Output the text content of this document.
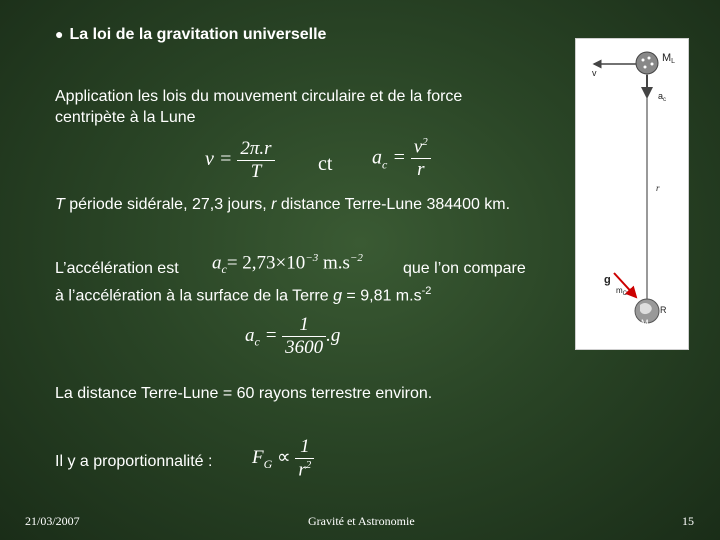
● La loi de la gravitation universelle
Application les lois du mouvement circulaire et de la force
centripète à la Lune
$v = \frac{2\pi.r}{T}$ ct $a_c = \frac{v^2}{r}$
T période sidérale, 27,3 jours, r distance Terre-Lune 384400 km.
L’accélération est $a_c= 2,73\times 10^{-3}$ $m.s^{-2}$
que l’on compare
à l’accélération à la surface de la Terre g = 9,81 $m.s^{-2}$
$a_c = \frac{1}{3600} .g$
La distance Terre-Lune = 60 rayons terrestre environ.
Il y a proportionnalité : $F_G \propto \frac{1}{r^2}$
ML
v
$a_c$
r
g
$m_C$
$M_T$
R
21/03/2007	Gravité et Astronomie	15
